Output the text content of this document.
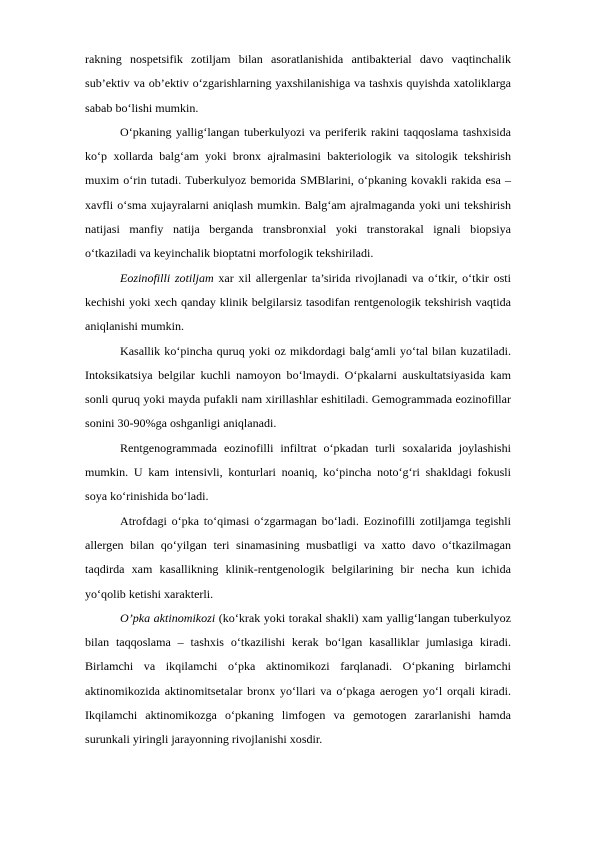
rakning nospetsifik zotiljam bilan asoratlanishida antibakterial davo vaqtinchalik sub’ektiv va ob’ektiv o‘zgarishlarning yaxshilanishiga va tashxis quyishda xatoliklarga sabab bo‘lishi mumkin.

O‘pkaning yallig‘langan tuberkulyozi va periferik rakini taqqoslama tashxisida ko‘p xollarda balg‘am yoki bronx ajralmasini bakteriologik va sitologik tekshirish muxim o‘rin tutadi. Tuberkulyoz bemorida SMBlarini, o‘pkaning kovakli rakida esa – xavfli o‘sma xujayralarni aniqlash mumkin. Balg‘am ajralmaganda yoki uni tekshirish natijasi manfiy natija berganda transbronxial yoki transtorakal ignali biopsiya o‘tkaziladi va keyinchalik bioptatni morfologik tekshiriladi.

Eozinofilli zotiljam xar xil allergenlar ta’sirida rivojlanadi va o‘tkir, o‘tkir osti kechishi yoki xech qanday klinik belgilarsiz tasodifan rentgenologik tekshirish vaqtida aniqlanishi mumkin.

Kasallik ko‘pincha quruq yoki oz mikdordagi balg‘amli yo‘tal bilan kuzatiladi. Intoksikatsiya belgilar kuchli namoyon bo‘lmaydi. O‘pkalarni auskultatsiyasida kam sonli quruq yoki mayda pufakli nam xirillashlar eshitiladi. Gemogrammada eozinofillar sonini 30-90%ga oshganligi aniqlanadi.

Rentgenogrammada eozinofilli infiltrat o‘pkadan turli soxalarida joylashishi mumkin. U kam intensivli, konturlari noaniq, ko‘pincha noto‘g‘ri shakldagi fokusli soya ko‘rinishida bo‘ladi.

Atrofdagi o‘pka to‘qimasi o‘zgarmagan bo‘ladi. Eozinofilli zotiljamga tegishli allergen bilan qo‘yilgan teri sinamasining musbatligi va xatto davo o‘tkazilmagan taqdirda xam kasallikning klinik-rentgenologik belgilarining bir necha kun ichida yo‘qolib ketishi xarakterli.

O’pka aktinomikozi (ko‘krak yoki torakal shakli) xam yallig‘langan tuberkulyoz bilan taqqoslama – tashxis o‘tkazilishi kerak bo‘lgan kasalliklar jumlasiga kiradi. Birlamchi va ikqilamchi o‘pka aktinomikozi farqlanadi. O‘pkaning birlamchi aktinomikozida aktinomitsetalar bronx yo‘llari va o‘pkaga aerogen yo‘l orqali kiradi. Ikqilamchi aktinomikozga o‘pkaning limfogen va gemotogen zararlanishi hamda surunkali yiringli jarayonning rivojlanishi xosdir.
